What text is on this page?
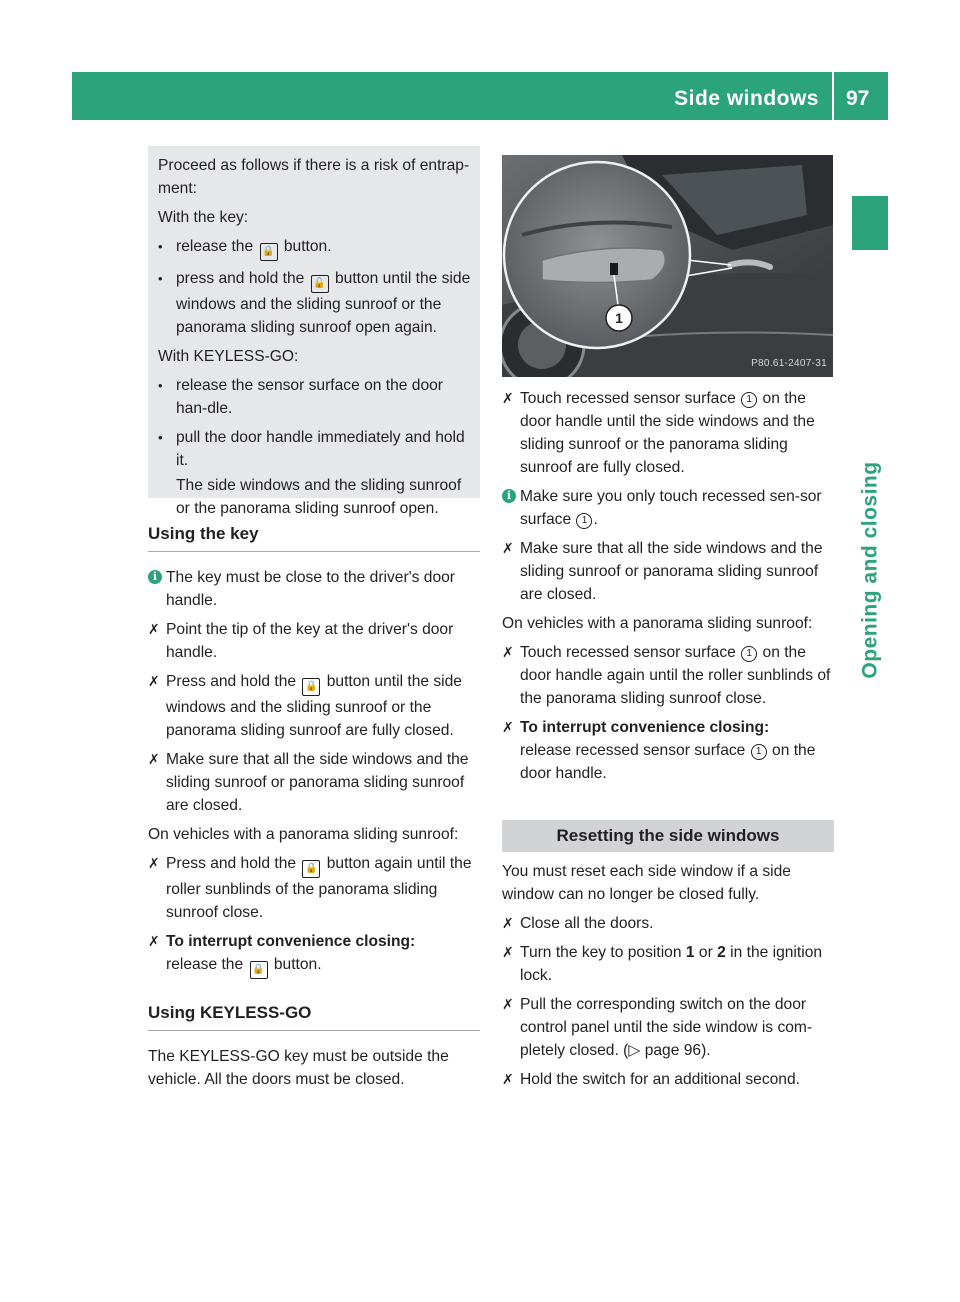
Side windows 97
Opening and closing

Proceed as follows if there is a risk of entrap-ment:

With the key:

• release the 🔒 button.
• press and hold the 🔓 button until the side windows and the sliding sunroof or the panorama sliding sunroof open again.

With KEYLESS-GO:

• release the sensor surface on the door han-dle.
• pull the door handle immediately and hold it.
The side windows and the sliding sunroof or the panorama sliding sunroof open.
Using the key
i The key must be close to the driver's door handle.
✗ Point the tip of the key at the driver's door handle.
✗ Press and hold the 🔒 button until the side windows and the sliding sunroof or the panorama sliding sunroof are fully closed.
✗ Make sure that all the side windows and the sliding sunroof or panorama sliding sunroof are closed.

On vehicles with a panorama sliding sunroof:

✗ Press and hold the 🔒 button again until the roller sunblinds of the panorama sliding sunroof close.
✗ To interrupt convenience closing:
release the 🔒 button.
Using KEYLESS-GO

The KEYLESS-GO key must be outside the vehicle. All the doors must be closed.

1
P80.61-2407-31
✗ Touch recessed sensor surface 1 on the door handle until the side windows and the sliding sunroof or the panorama sliding sunroof are fully closed.
i Make sure you only touch recessed sen-sor surface 1 .
✗ Make sure that all the side windows and the sliding sunroof or panorama sliding sunroof are closed.

On vehicles with a panorama sliding sunroof:

✗ Touch recessed sensor surface 1 on the door handle again until the roller sunblinds of the panorama sliding sunroof close.
✗ To interrupt convenience closing:
release recessed sensor surface 1 on the door handle.
Resetting the side windows

You must reset each side window if a side window can no longer be closed fully.

✗ Close all the doors.
✗ Turn the key to position 1 or 2 in the ignition lock.
✗ Pull the corresponding switch on the door control panel until the side window is com-pletely closed. (▷ page 96).
✗ Hold the switch for an additional second.
